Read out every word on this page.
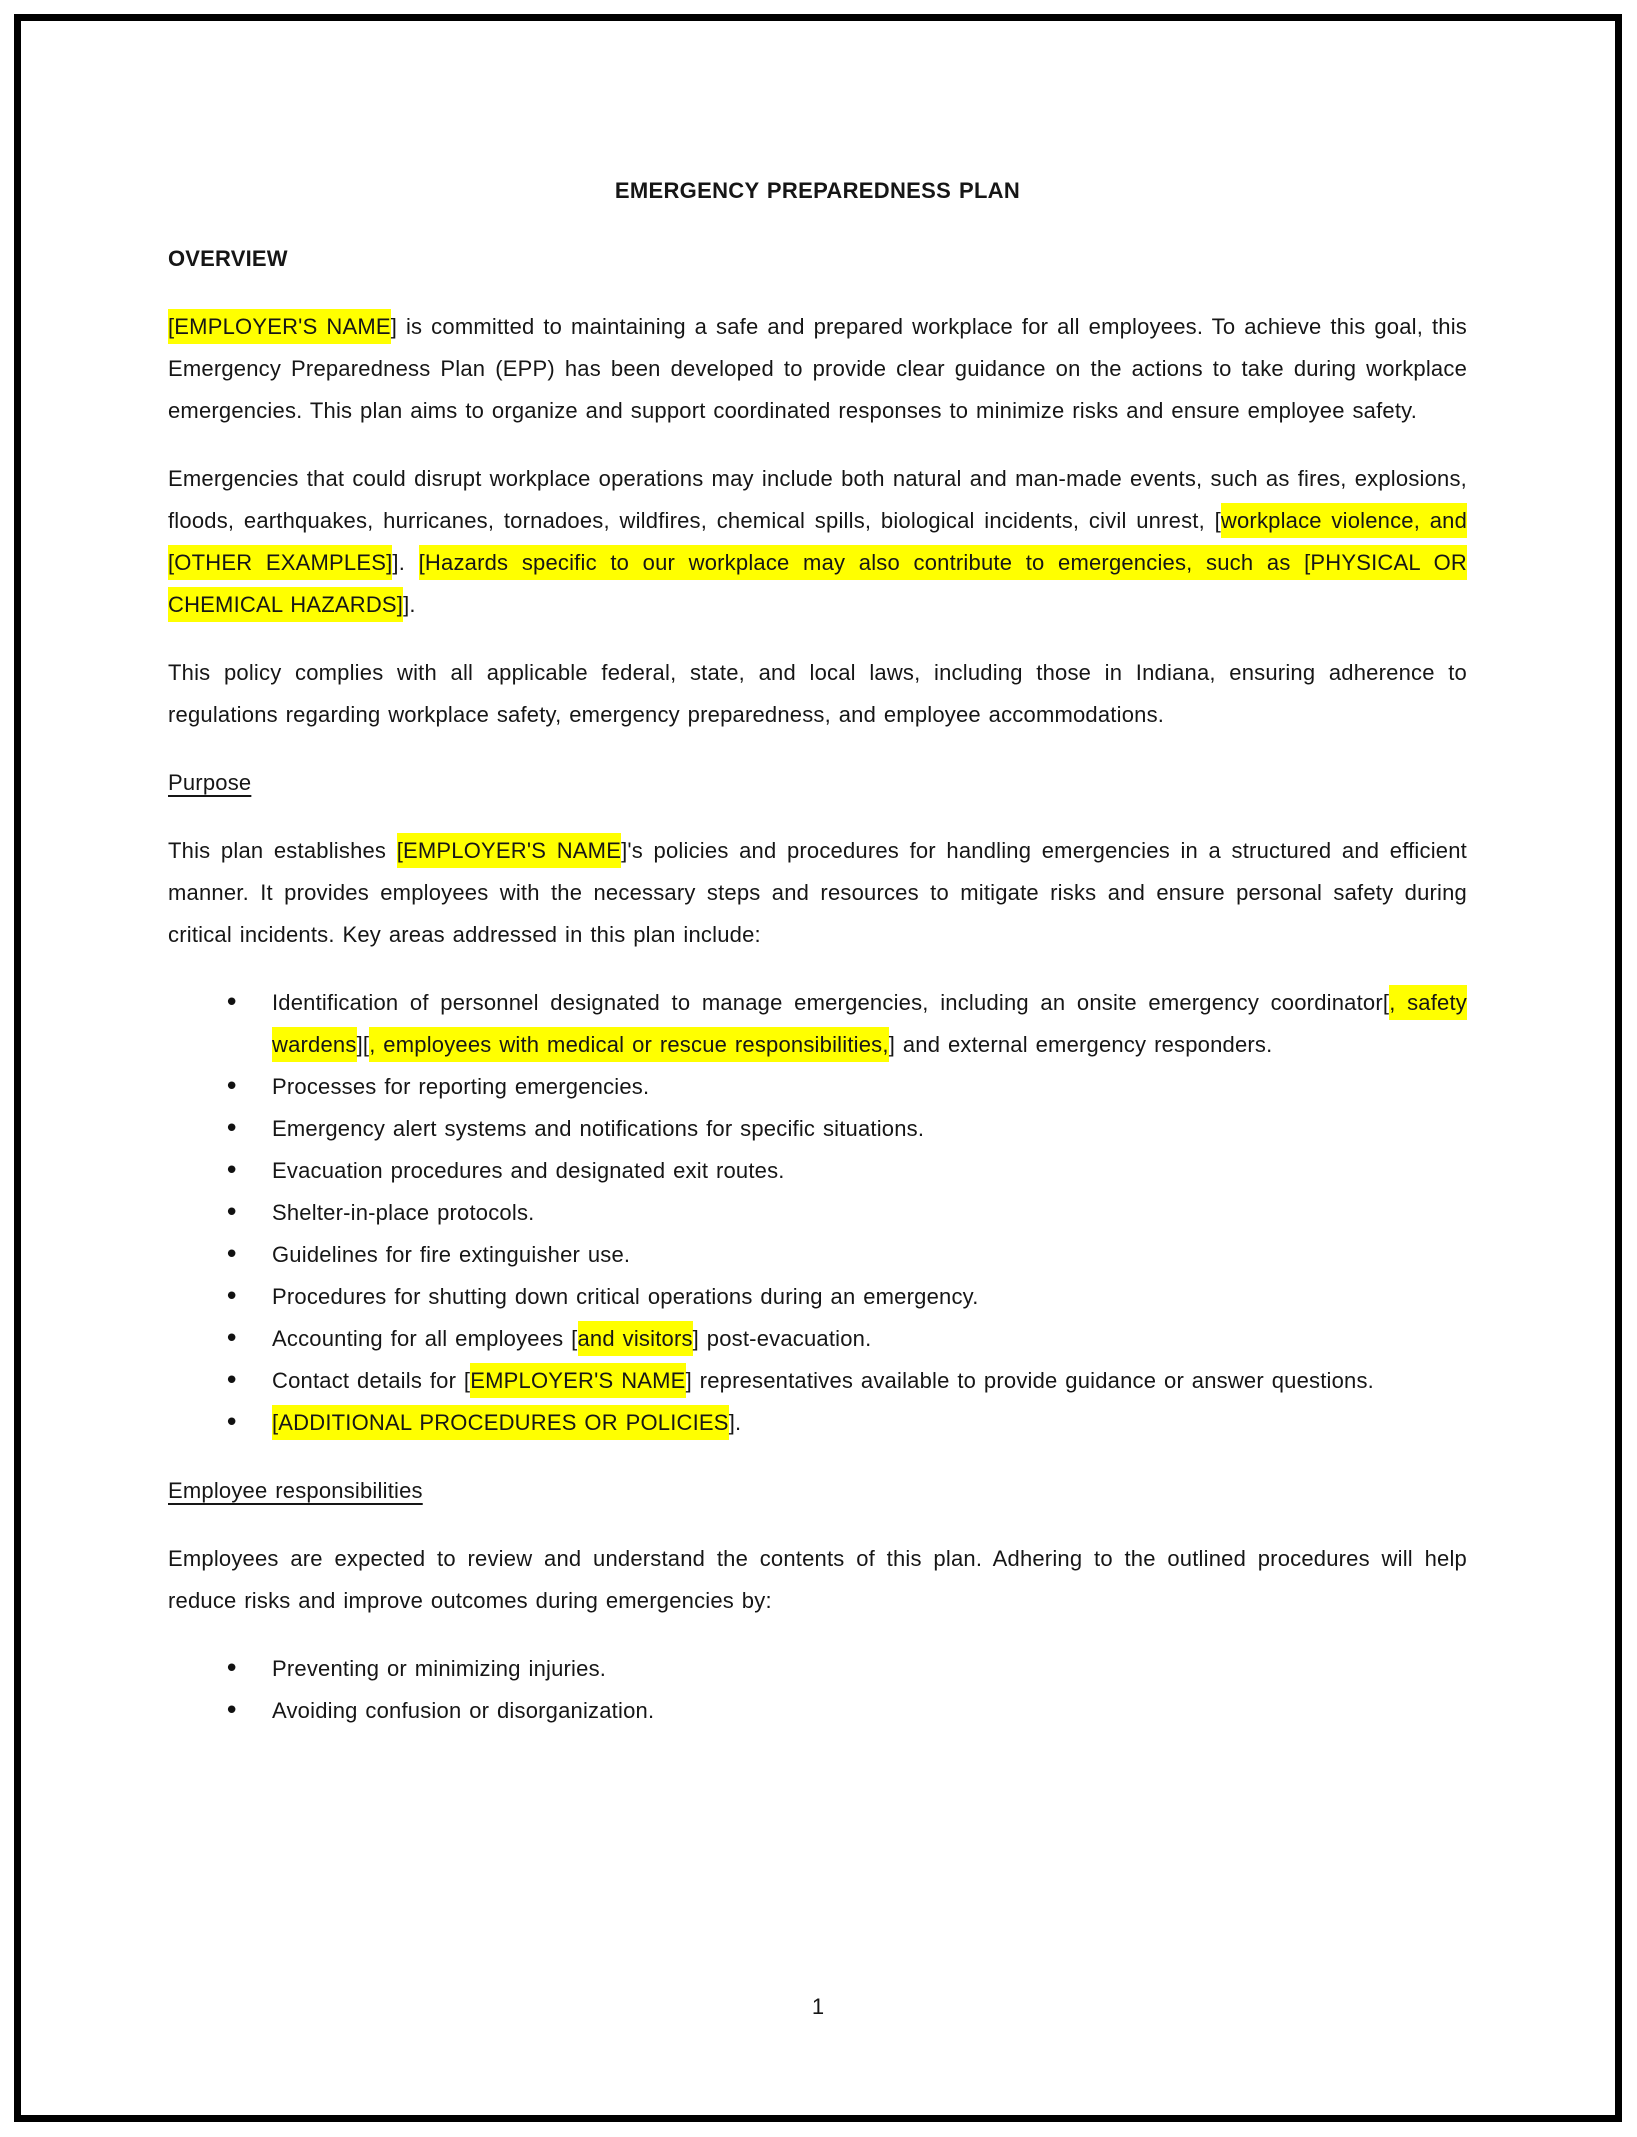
EMERGENCY PREPAREDNESS PLAN
OVERVIEW

[EMPLOYER'S NAME] is committed to maintaining a safe and prepared workplace for all employees. To achieve this goal, this Emergency Preparedness Plan (EPP) has been developed to provide clear guidance on the actions to take during workplace emergencies. This plan aims to organize and support coordinated responses to minimize risks and ensure employee safety.

Emergencies that could disrupt workplace operations may include both natural and man-made events, such as fires, explosions, floods, earthquakes, hurricanes, tornadoes, wildfires, chemical spills, biological incidents, civil unrest, [workplace violence, and [OTHER EXAMPLES]]. [Hazards specific to our workplace may also contribute to emergencies, such as [PHYSICAL OR CHEMICAL HAZARDS]].

This policy complies with all applicable federal, state, and local laws, including those in Indiana, ensuring adherence to regulations regarding workplace safety, emergency preparedness, and employee accommodations.

Purpose

This plan establishes [EMPLOYER'S NAME]'s policies and procedures for handling emergencies in a structured and efficient manner. It provides employees with the necessary steps and resources to mitigate risks and ensure personal safety during critical incidents. Key areas addressed in this plan include:

• Identification of personnel designated to manage emergencies, including an onsite emergency coordinator[, safety wardens][, employees with medical or rescue responsibilities,] and external emergency responders.
• Processes for reporting emergencies.
• Emergency alert systems and notifications for specific situations.
• Evacuation procedures and designated exit routes.
• Shelter-in-place protocols.
• Guidelines for fire extinguisher use.
• Procedures for shutting down critical operations during an emergency.
• Accounting for all employees [and visitors] post-evacuation.
• Contact details for [EMPLOYER'S NAME] representatives available to provide guidance or answer questions.
• [ADDITIONAL PROCEDURES OR POLICIES].
Employee responsibilities

Employees are expected to review and understand the contents of this plan. Adhering to the outlined procedures will help reduce risks and improve outcomes during emergencies by:

• Preventing or minimizing injuries.
• Avoiding confusion or disorganization.
1
